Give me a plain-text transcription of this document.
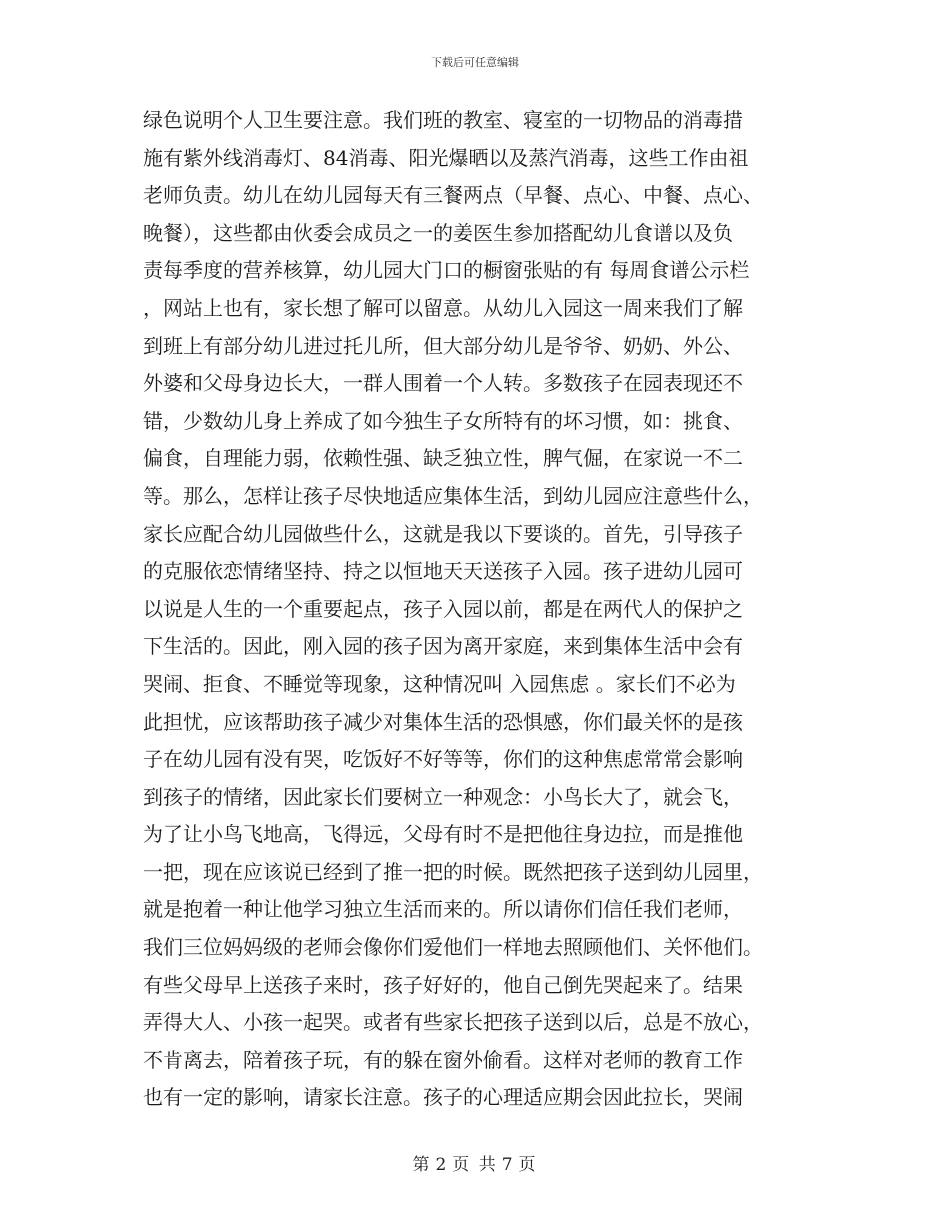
下载后可任意编辑
绿色说明个人卫生要注意。我们班的教室、寝室的一切物品的消毒措
施有紫外线消毒灯、84消毒、阳光爆晒以及蒸汽消毒，这些工作由祖
老师负责。幼儿在幼儿园每天有三餐两点（早餐、点心、中餐、点心、
晚餐），这些都由伙委会成员之一的姜医生参加搭配幼儿食谱以及负
责每季度的营养核算，幼儿园大门口的橱窗张贴的有 每周食谱公示栏
，网站上也有，家长想了解可以留意。从幼儿入园这一周来我们了解
到班上有部分幼儿进过托儿所，但大部分幼儿是爷爷、奶奶、外公、
外婆和父母身边长大，一群人围着一个人转。多数孩子在园表现还不
错，少数幼儿身上养成了如今独生子女所特有的坏习惯，如：挑食、
偏食，自理能力弱，依赖性强、缺乏独立性，脾气倔，在家说一不二
等。那么，怎样让孩子尽快地适应集体生活，到幼儿园应注意些什么，
家长应配合幼儿园做些什么，这就是我以下要谈的。首先，引导孩子
的克服依恋情绪坚持、持之以恒地天天送孩子入园。孩子进幼儿园可
以说是人生的一个重要起点，孩子入园以前，都是在两代人的保护之
下生活的。因此，刚入园的孩子因为离开家庭，来到集体生活中会有
哭闹、拒食、不睡觉等现象，这种情况叫 入园焦虑 。家长们不必为
此担忧，应该帮助孩子减少对集体生活的恐惧感，你们最关怀的是孩
子在幼儿园有没有哭，吃饭好不好等等，你们的这种焦虑常常会影响
到孩子的情绪，因此家长们要树立一种观念：小鸟长大了，就会飞，
为了让小鸟飞地高，飞得远，父母有时不是把他往身边拉，而是推他
一把，现在应该说已经到了推一把的时候。既然把孩子送到幼儿园里，
就是抱着一种让他学习独立生活而来的。所以请你们信任我们老师，
我们三位妈妈级的老师会像你们爱他们一样地去照顾他们、关怀他们。
有些父母早上送孩子来时，孩子好好的，他自己倒先哭起来了。结果
弄得大人、小孩一起哭。或者有些家长把孩子送到以后，总是不放心，
不肯离去，陪着孩子玩，有的躲在窗外偷看。这样对老师的教育工作
也有一定的影响，请家长注意。孩子的心理适应期会因此拉长，哭闹
第 2 页 共 7 页
